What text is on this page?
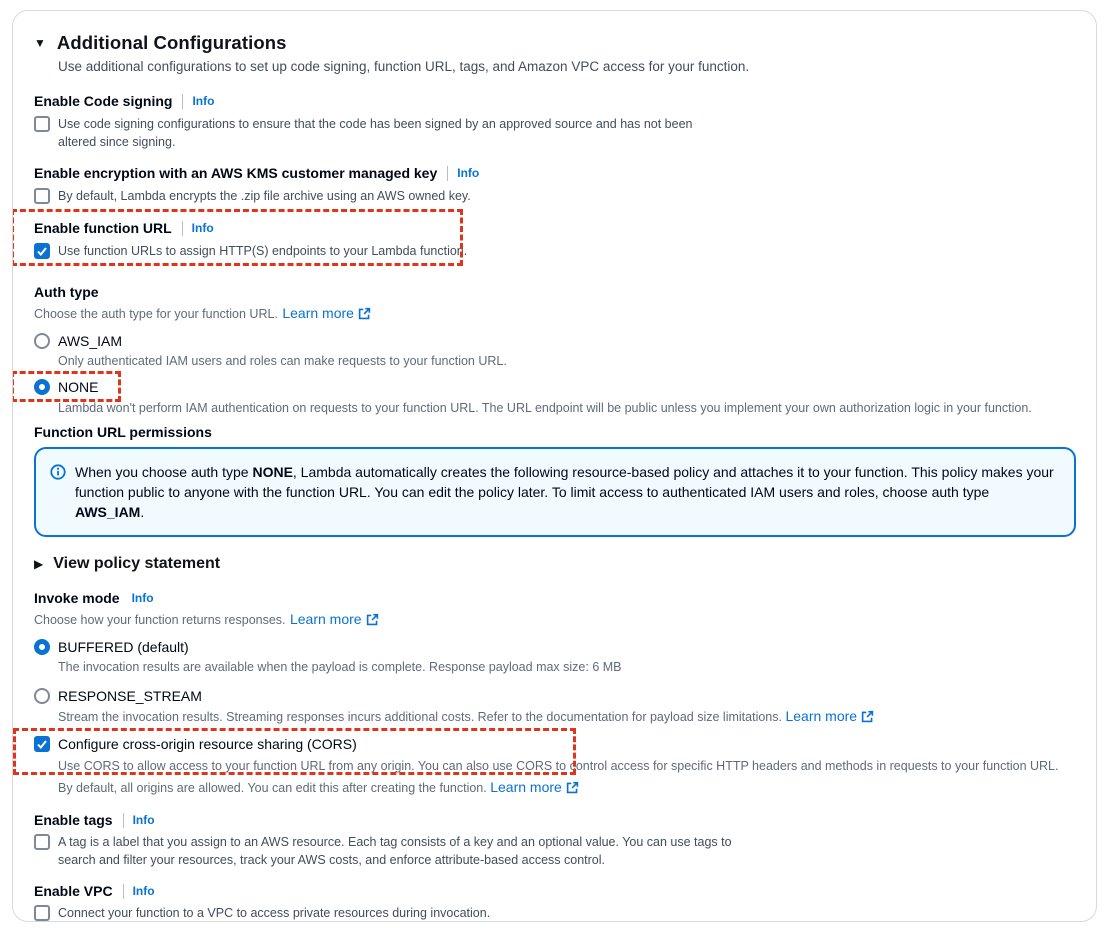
▼ Additional Configurations
Use additional configurations to set up code signing, function URL, tags, and Amazon VPC access for your function.
Enable Code signing Info
Use code signing configurations to ensure that the code has been signed by an approved source and has not been altered since signing.
Enable encryption with an AWS KMS customer managed key Info
By default, Lambda encrypts the .zip file archive using an AWS owned key.
Enable function URL Info
Use function URLs to assign HTTP(S) endpoints to your Lambda function.
Auth type
Choose the auth type for your function URL. Learn more
AWS_IAM
Only authenticated IAM users and roles can make requests to your function URL.
NONE
Lambda won't perform IAM authentication on requests to your function URL. The URL endpoint will be public unless you implement your own authorization logic in your function.
Function URL permissions
When you choose auth type NONE, Lambda automatically creates the following resource-based policy and attaches it to your function. This policy makes your function public to anyone with the function URL. You can edit the policy later. To limit access to authenticated IAM users and roles, choose auth type AWS_IAM.
▶ View policy statement
Invoke mode Info
Choose how your function returns responses. Learn more
BUFFERED (default)
The invocation results are available when the payload is complete. Response payload max size: 6 MB
RESPONSE_STREAM
Stream the invocation results. Streaming responses incurs additional costs. Refer to the documentation for payload size limitations. Learn more
Configure cross-origin resource sharing (CORS)
Use CORS to allow access to your function URL from any origin. You can also use CORS to control access for specific HTTP headers and methods in requests to your function URL. By default, all origins are allowed. You can edit this after creating the function. Learn more
Enable tags Info
A tag is a label that you assign to an AWS resource. Each tag consists of a key and an optional value. You can use tags to search and filter your resources, track your AWS costs, and enforce attribute-based access control.
Enable VPC Info
Connect your function to a VPC to access private resources during invocation.
